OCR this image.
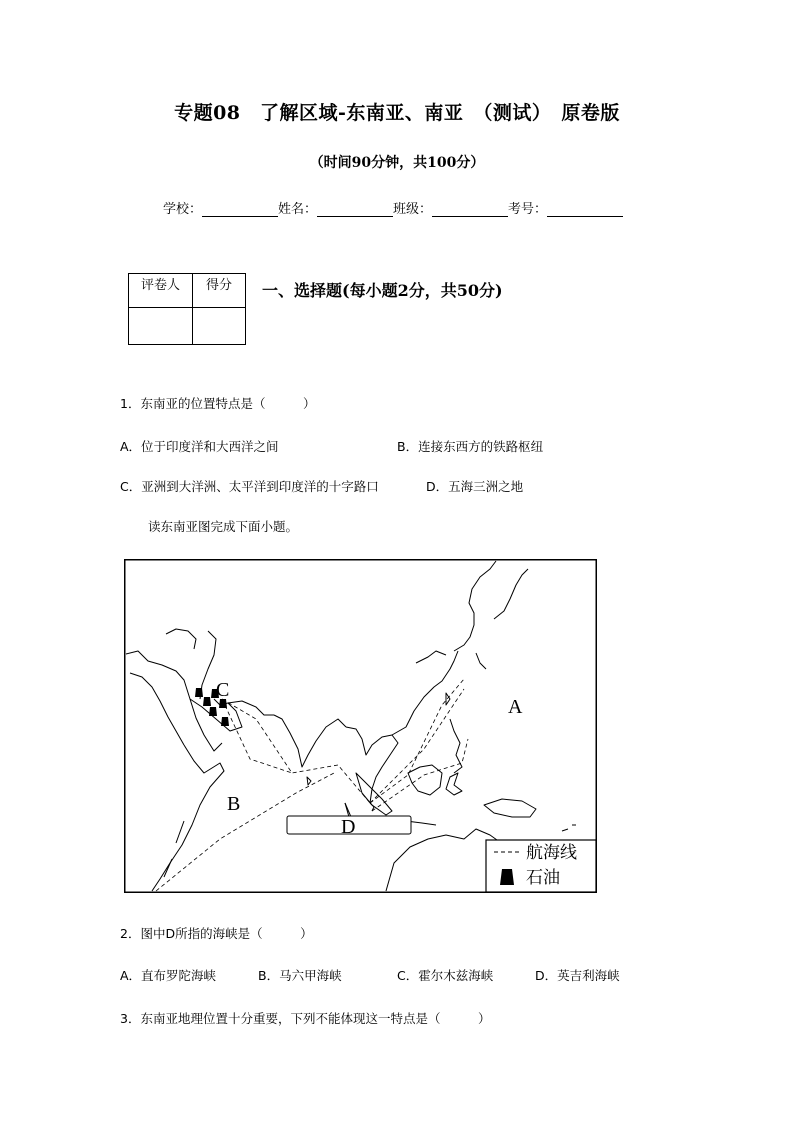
专题08　了解区域-东南亚、南亚　（测试）　原卷版
（时间90分钟，共100分）
学校：	姓名：	班级：	考号：
评卷人	得分
	一、选择题(每小题2分，共50分)
1．东南亚的位置特点是（　　　）
A．位于印度洋和大西洋之间	B．连接东西方的铁路枢纽
C．亚洲到大洋洲、太平洋到印度洋的十字路口	D．五海三洲之地
读东南亚图完成下面小题。
A
B
C
D
航海线
石油
2．图中D所指的海峡是（　　　）
A．直布罗陀海峡	B．马六甲海峡	C．霍尔木兹海峡	D．英吉利海峡
3．东南亚地理位置十分重要，下列不能体现这一特点是（　　　）
